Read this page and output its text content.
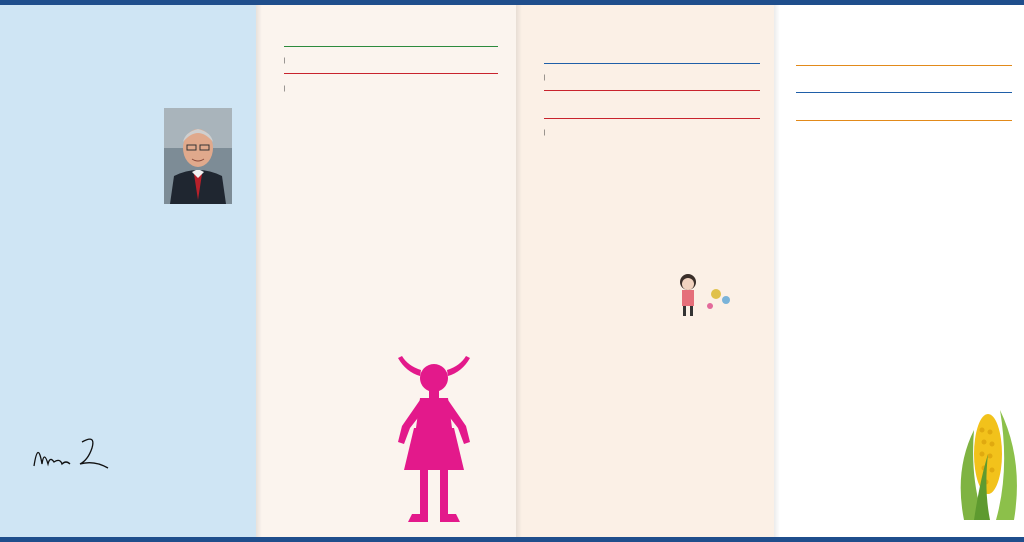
|

|

|

|
